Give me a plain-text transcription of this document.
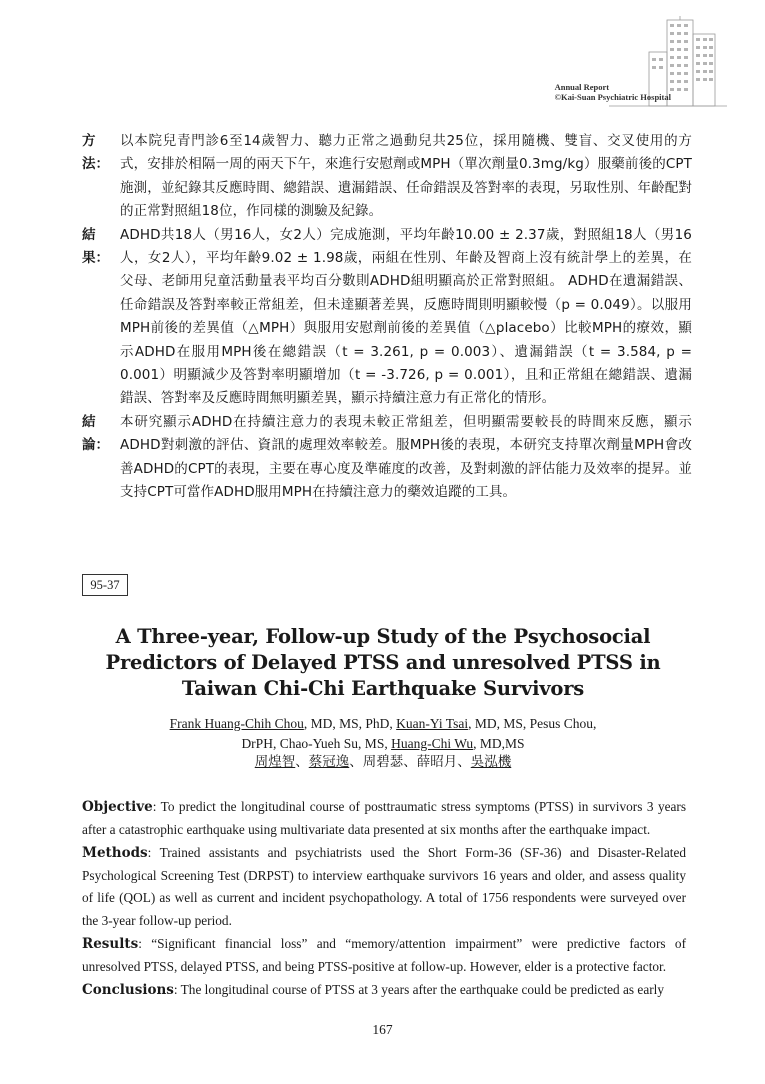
Annual Report
©Kai-Suan Psychiatric Hospital
方法：
以本院兒青門診6至14歲智力、聽力正常之過動兒共25位，採用隨機、雙盲、交叉使用的方式，安排於相隔一周的兩天下午，來進行安慰劑或MPH（單次劑量0.3mg/kg）服藥前後的CPT施測，並紀錄其反應時間、總錯誤、遺漏錯誤、任命錯誤及答對率的表現，另取性別、年齡配對的正常對照組18位，作同樣的測驗及紀錄。
結果：
ADHD共18人（男16人，女2人）完成施測，平均年齡10.00 ± 2.37歲，對照組18人（男16人，女2人），平均年齡9.02 ± 1.98歲，兩組在性別、年齡及智商上沒有統計學上的差異，在父母、老師用兒童活動量表平均百分數則ADHD組明顯高於正常對照組。 ADHD在遺漏錯誤、任命錯誤及答對率較正常組差，但未達顯著差異，反應時間則明顯較慢（p = 0.049）。以服用MPH前後的差異值（△MPH）與服用安慰劑前後的差異值（△placebo）比較MPH的療效，顯示ADHD在服用MPH後在總錯誤（t = 3.261, p = 0.003）、遺漏錯誤（t = 3.584, p = 0.001）明顯減少及答對率明顯增加（t = -3.726, p = 0.001），且和正常組在總錯誤、遺漏錯誤、答對率及反應時間無明顯差異，顯示持續注意力有正常化的情形。
結論：
本研究顯示ADHD在持續注意力的表現未較正常組差，但明顯需要較長的時間來反應，顯示ADHD對刺激的評估、資訊的處理效率較差。服MPH後的表現，本研究支持單次劑量MPH會改善ADHD的CPT的表現，主要在專心度及準確度的改善，及對刺激的評估能力及效率的提昇。並支持CPT可當作ADHD服用MPH在持續注意力的藥效追蹤的工具。
95-37
A Three-year, Follow-up Study of the Psychosocial Predictors of Delayed PTSS and unresolved PTSS in Taiwan Chi-Chi Earthquake Survivors
Frank Huang-Chih Chou, MD, MS, PhD, Kuan-Yi Tsai, MD, MS, Pesus Chou,
DrPH, Chao-Yueh Su, MS, Huang-Chi Wu, MD,MS
周煌智、蔡冠逸、周碧瑟、薛昭月、吳泓機

Objective: To predict the longitudinal course of posttraumatic stress symptoms (PTSS) in survivors 3 years after a catastrophic earthquake using multivariate data presented at six months after the earthquake impact.

Methods: Trained assistants and psychiatrists used the Short Form-36 (SF-36) and Disaster-Related Psychological Screening Test (DRPST) to interview earthquake survivors 16 years and older, and assess quality of life (QOL) as well as current and incident psychopathology. A total of 1756 respondents were surveyed over the 3-year follow-up period.

Results: “Significant financial loss” and “memory/attention impairment” were predictive factors of unresolved PTSS, delayed PTSS, and being PTSS-positive at follow-up. However, elder is a protective factor.

Conclusions: The longitudinal course of PTSS at 3 years after the earthquake could be predicted as early

167
